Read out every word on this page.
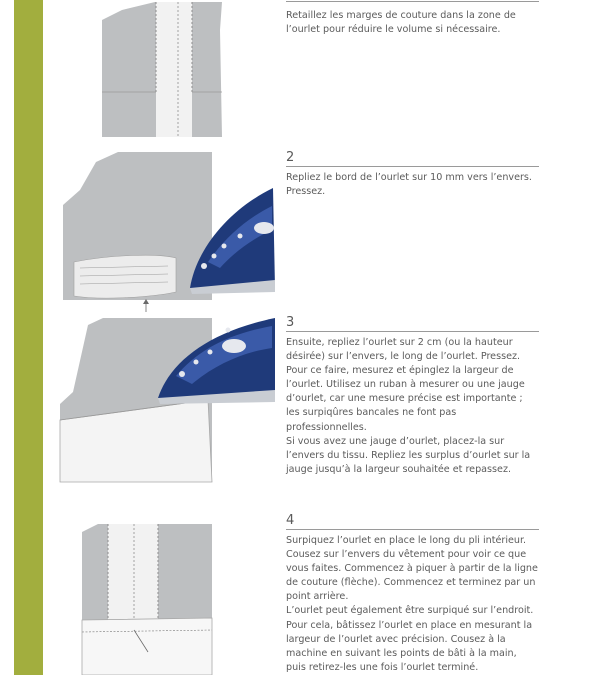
Retaillez les marges de couture dans la zone de l’ourlet pour réduire le volume si nécessaire.

2

Repliez le bord de l’ourlet sur 10 mm vers l’envers. Pressez.

3

Ensuite, repliez l’ourlet sur 2 cm (ou la hauteur désirée) sur l’envers, le long de l’ourlet. Pressez. Pour ce faire, mesurez et épinglez la largeur de l’ourlet. Utilisez un ruban à mesurer ou une jauge d’ourlet, car une mesure précise est importante ; les surpiqûres bancales ne font pas professionnelles.
Si vous avez une jauge d’ourlet, placez-la sur l’envers du tissu. Repliez les surplus d’ourlet sur la jauge jusqu’à la largeur souhaitée et repassez.

4

Surpiquez l’ourlet en place le long du pli intérieur. Cousez sur l’envers du vêtement pour voir ce que vous faites. Commencez à piquer à partir de la ligne de couture (flèche). Commencez et terminez par un point arrière.
L’ourlet peut également être surpiqué sur l’endroit. Pour cela, bâtissez l’ourlet en place en mesurant la largeur de l’ourlet avec précision. Cousez à la machine en suivant les points de bâti à la main, puis retirez-les une fois l’ourlet terminé.
